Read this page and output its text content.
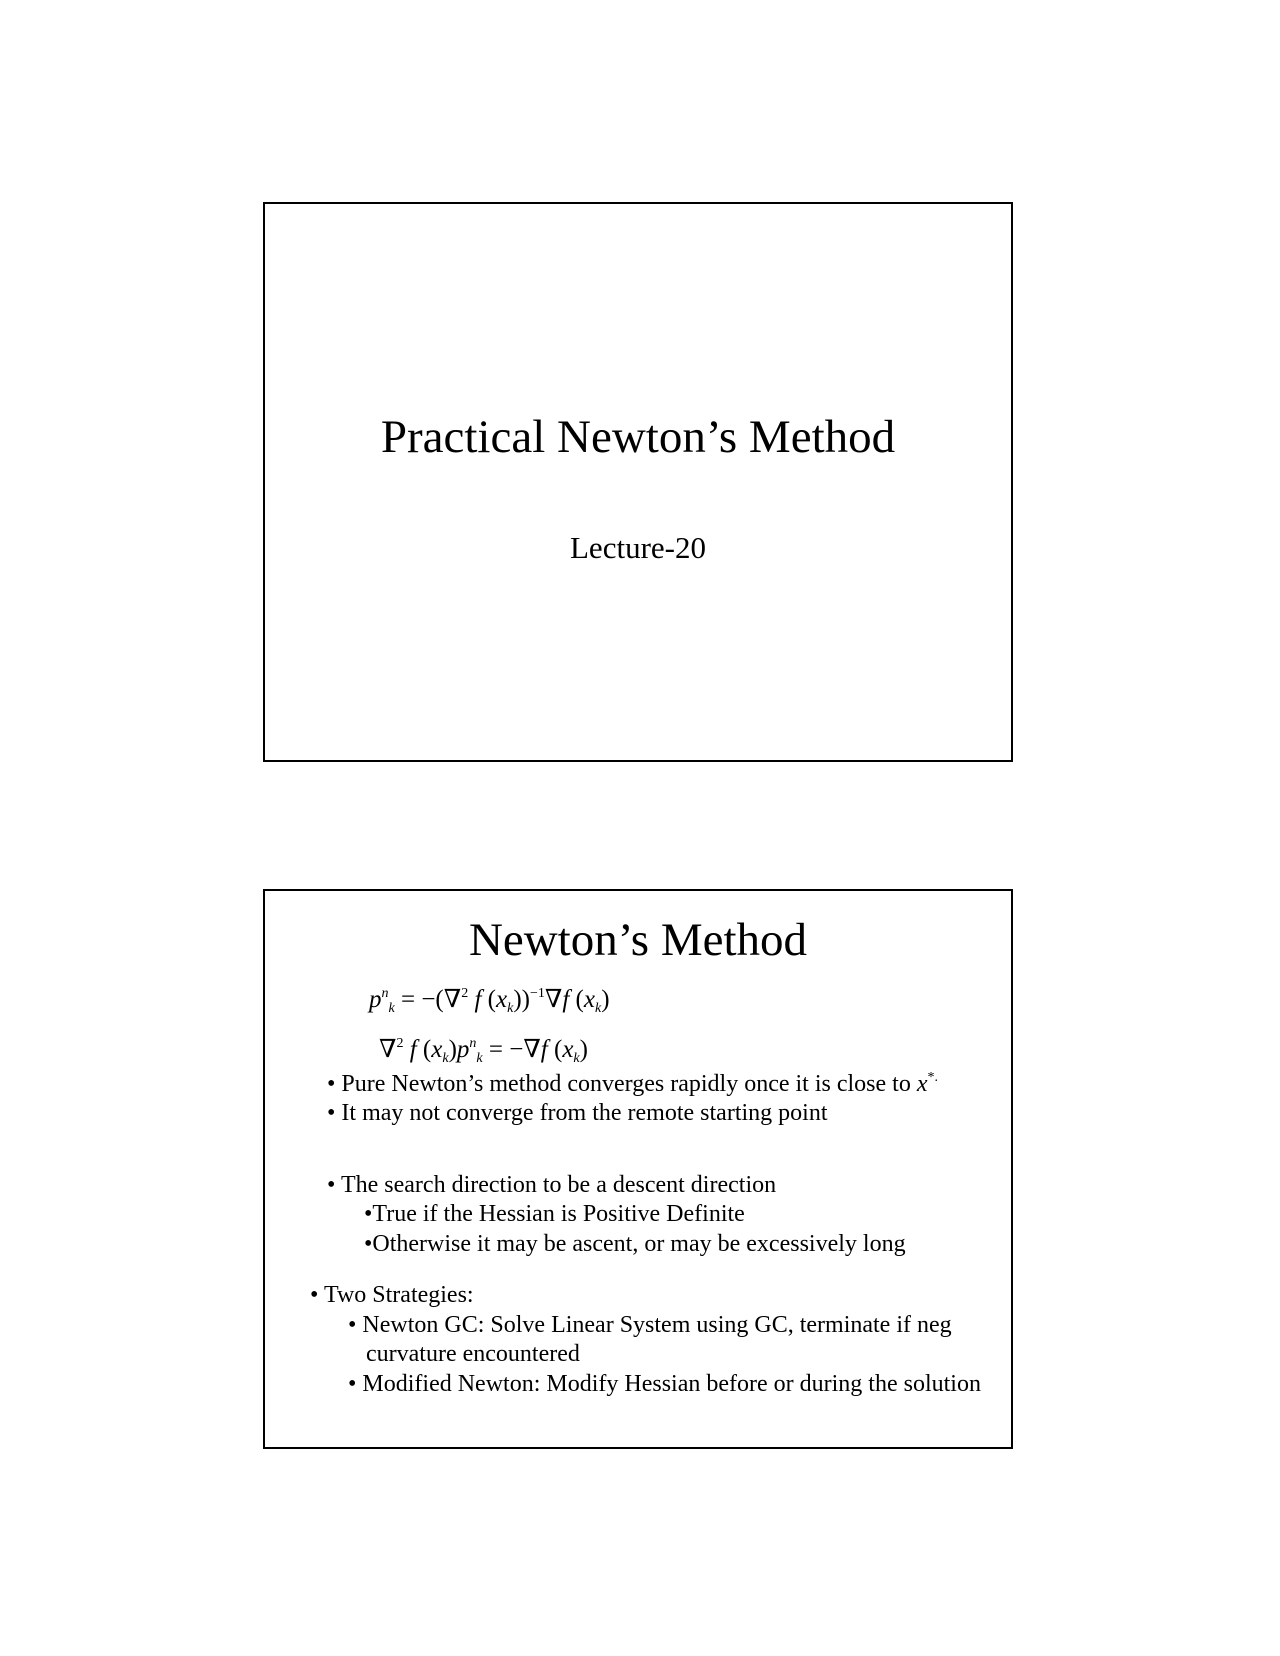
Practical Newton’s Method
Lecture-20
Newton’s Method
$p^n_k = -(\nabla^2$ f $(x_k))^{-1}\nabla f$ $(x_k)$
∇$^2$ f $(x_k)p^n_k = -\nabla f$ $(x_k)$
• Pure Newton’s method converges rapidly once it is close to x*.
• It may not converge from the remote starting point
• The search direction to be a descent direction
•True if the Hessian is Positive Definite
•Otherwise it may be ascent, or may be excessively long
• Two Strategies:
• Newton GC: Solve Linear System using GC, terminate if neg
curvature encountered
• Modified Newton: Modify Hessian before or during the solution
